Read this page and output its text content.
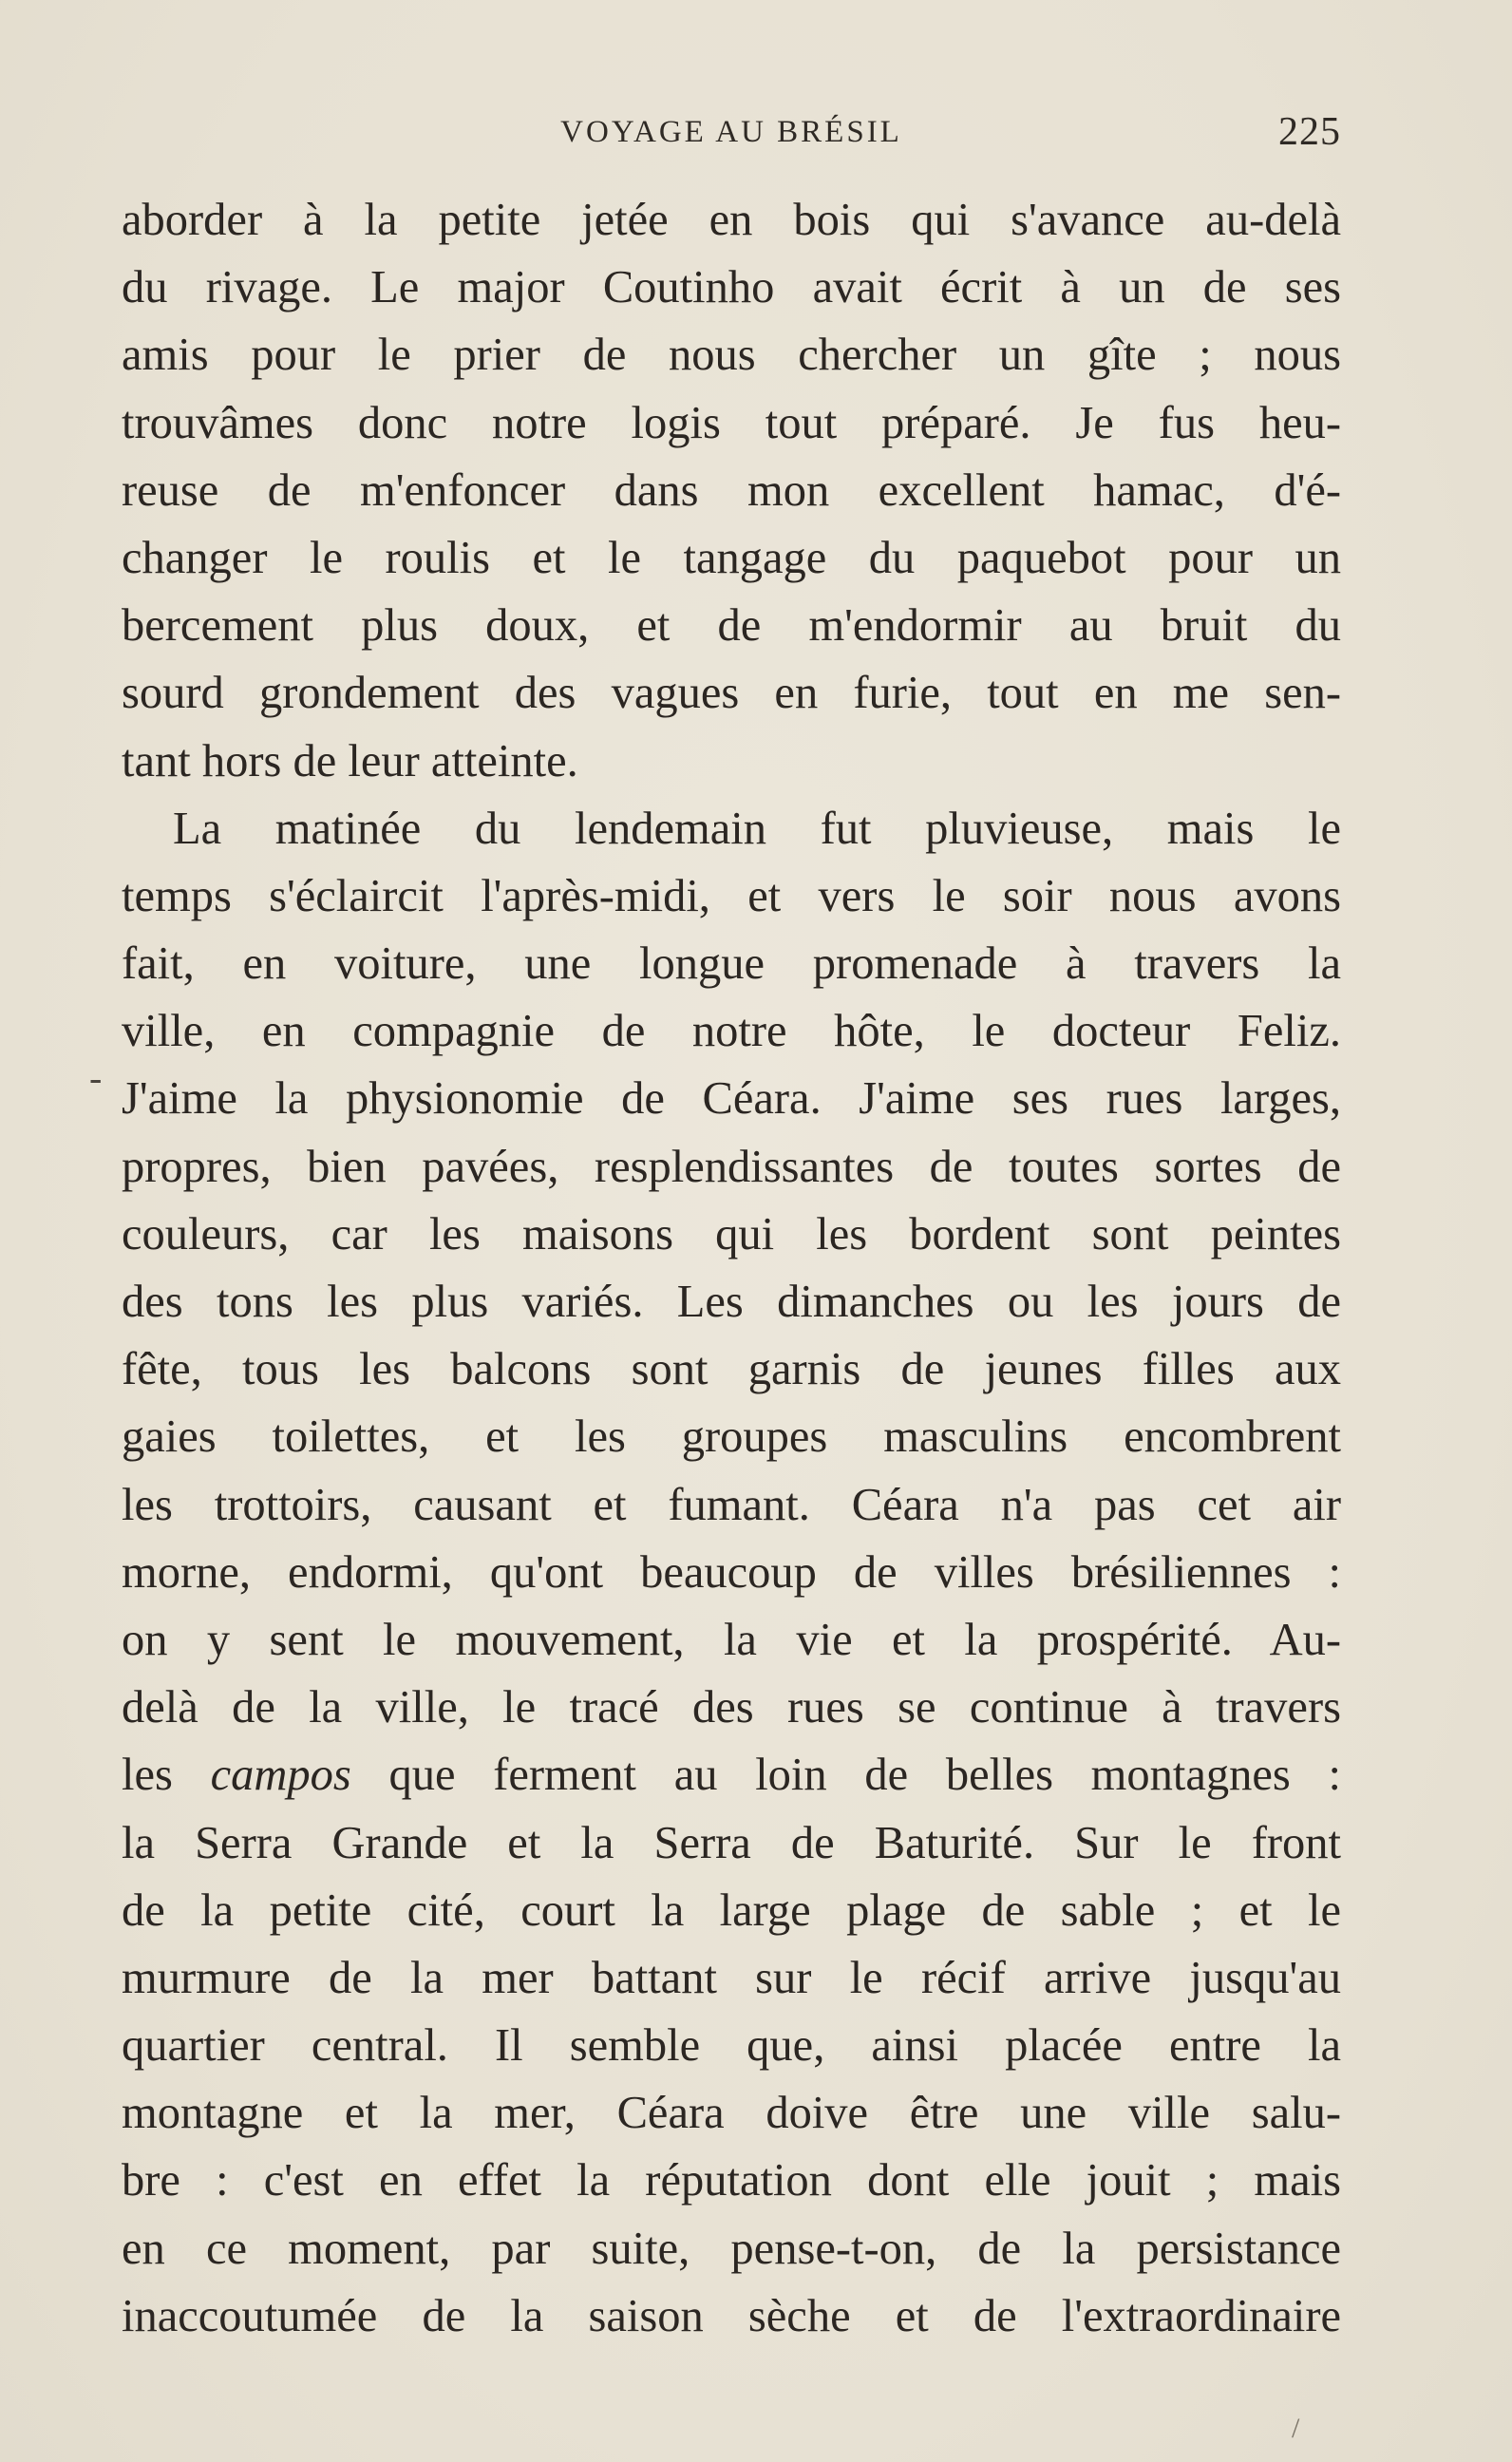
VOYAGE AU BRÉSIL	225
-
/
aborder à la petite jetée en bois qui s'avance au-delà
du rivage. Le major Coutinho avait écrit à un de ses
amis pour le prier de nous chercher un gîte ; nous
trouvâmes donc notre logis tout préparé. Je fus heu-
reuse de m'enfoncer dans mon excellent hamac, d'é-
changer le roulis et le tangage du paquebot pour un
bercement plus doux, et de m'endormir au bruit du
sourd grondement des vagues en furie, tout en me sen-
tant hors de leur atteinte.
La matinée du lendemain fut pluvieuse, mais le
temps s'éclaircit l'après-midi, et vers le soir nous avons
fait, en voiture, une longue promenade à travers la
ville, en compagnie de notre hôte, le docteur Feliz.
J'aime la physionomie de Céara. J'aime ses rues larges,
propres, bien pavées, resplendissantes de toutes sortes de
couleurs, car les maisons qui les bordent sont peintes
des tons les plus variés. Les dimanches ou les jours de
fête, tous les balcons sont garnis de jeunes filles aux
gaies toilettes, et les groupes masculins encombrent
les trottoirs, causant et fumant. Céara n'a pas cet air
morne, endormi, qu'ont beaucoup de villes brésiliennes :
on y sent le mouvement, la vie et la prospérité. Au-
delà de la ville, le tracé des rues se continue à travers
les campos que ferment au loin de belles montagnes :
la Serra Grande et la Serra de Baturité. Sur le front
de la petite cité, court la large plage de sable ; et le
murmure de la mer battant sur le récif arrive jusqu'au
quartier central. Il semble que, ainsi placée entre la
montagne et la mer, Céara doive être une ville salu-
bre : c'est en effet la réputation dont elle jouit ; mais
en ce moment, par suite, pense-t-on, de la persistance
inaccoutumée de la saison sèche et de l'extraordinaire
